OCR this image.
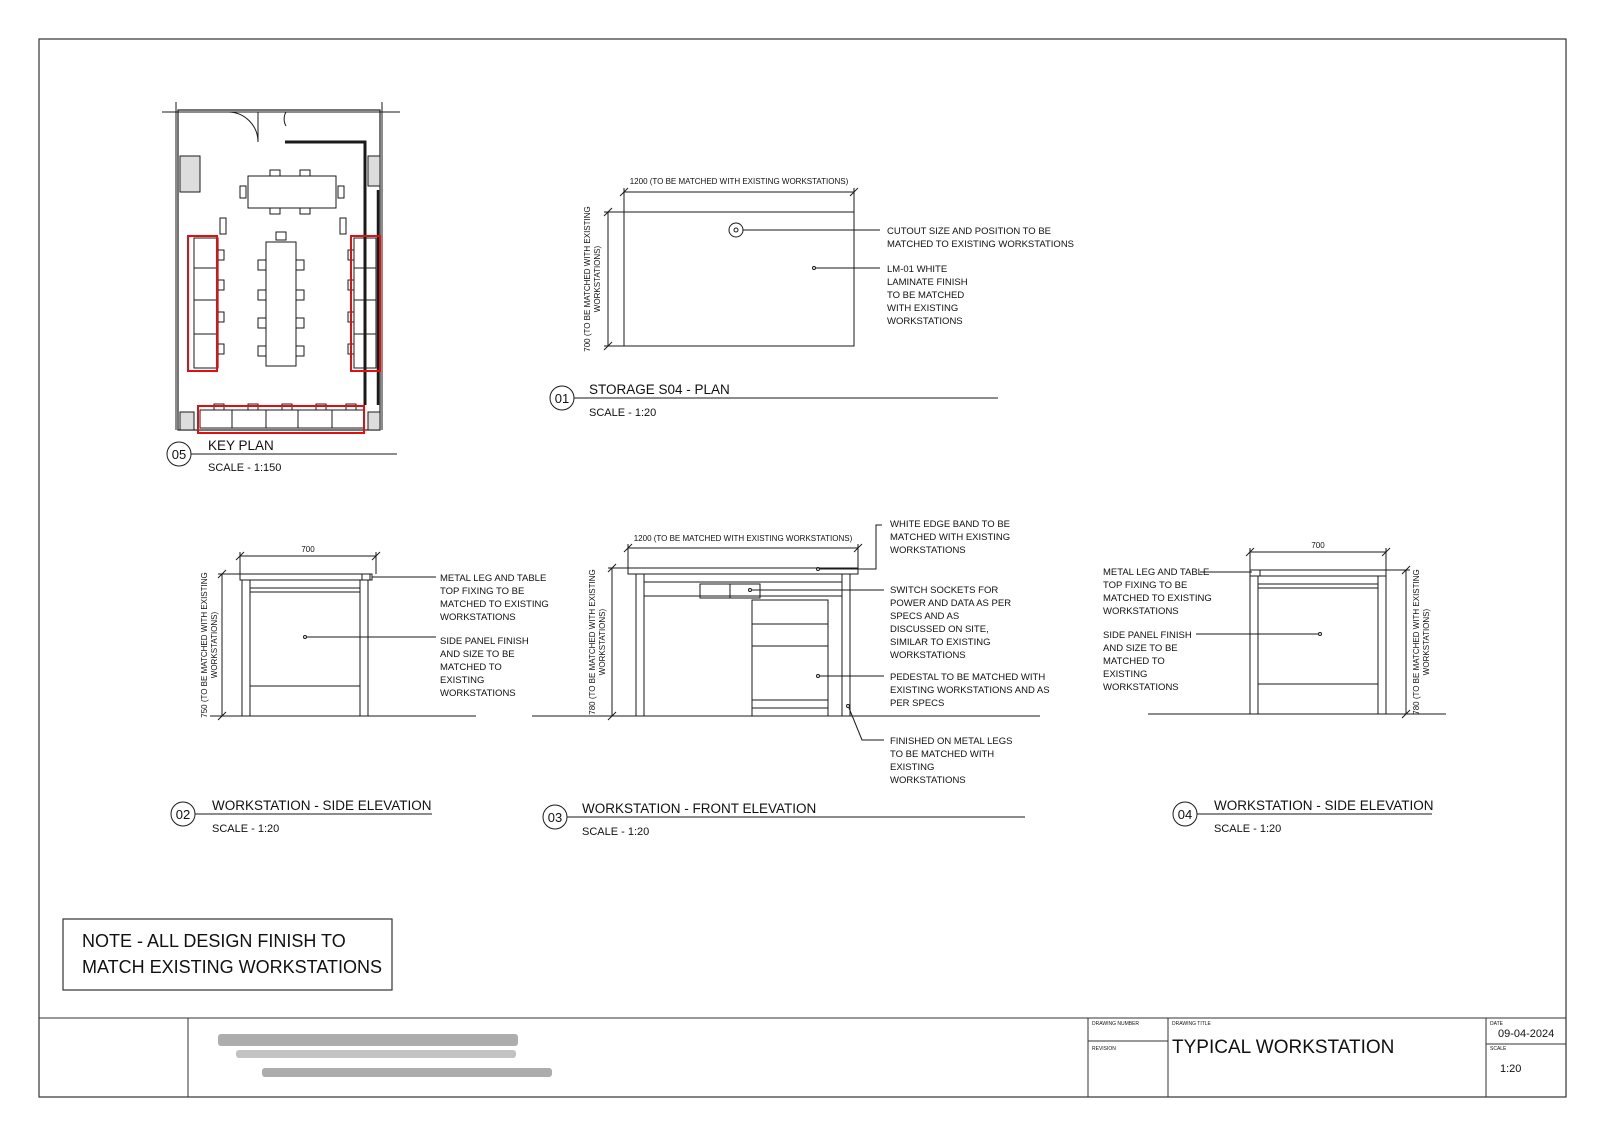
05
KEY PLAN
SCALE - 1:150
1200 (TO BE MATCHED WITH EXISTING WORKSTATIONS)
700 (TO BE MATCHED WITH EXISTING WORKSTATIONS)
CUTOUT SIZE AND POSITION TO BE
MATCHED TO EXISTING WORKSTATIONS
LM-01 WHITE
LAMINATE FINISH
TO BE MATCHED
WITH EXISTING
WORKSTATIONS
01
STORAGE S04 - PLAN
SCALE - 1:20
700
750 (TO BE MATCHED WITH EXISTING WORKSTATIONS)
METAL LEG AND TABLE
TOP FIXING TO BE
MATCHED TO EXISTING
WORKSTATIONS
SIDE PANEL FINISH
AND SIZE TO BE
MATCHED TO
EXISTING
WORKSTATIONS
02
WORKSTATION - SIDE ELEVATION
SCALE - 1:20
1200 (TO BE MATCHED WITH EXISTING WORKSTATIONS)
780 (TO BE MATCHED WITH EXISTING WORKSTATIONS)
WHITE EDGE BAND TO BE
MATCHED WITH EXISTING
WORKSTATIONS
SWITCH SOCKETS FOR
POWER AND DATA AS PER
SPECS AND AS
DISCUSSED ON SITE,
SIMILAR TO EXISTING
WORKSTATIONS
PEDESTAL TO BE MATCHED WITH
EXISTING WORKSTATIONS AND AS
PER SPECS
FINISHED ON METAL LEGS
TO BE MATCHED WITH
EXISTING
WORKSTATIONS
03
WORKSTATION - FRONT ELEVATION
SCALE - 1:20
700
780 (TO BE MATCHED WITH EXISTING WORKSTATIONS)
METAL LEG AND TABLE
TOP FIXING TO BE
MATCHED TO EXISTING
WORKSTATIONS
SIDE PANEL FINISH
AND SIZE TO BE
MATCHED TO
EXISTING
WORKSTATIONS
04
WORKSTATION - SIDE ELEVATION
SCALE - 1:20
NOTE - ALL DESIGN FINISH TO
MATCH EXISTING WORKSTATIONS
DRAWING NUMBER
REVISION
DRAWING TITLE
TYPICAL WORKSTATION
DATE
09-04-2024
SCALE
1:20
